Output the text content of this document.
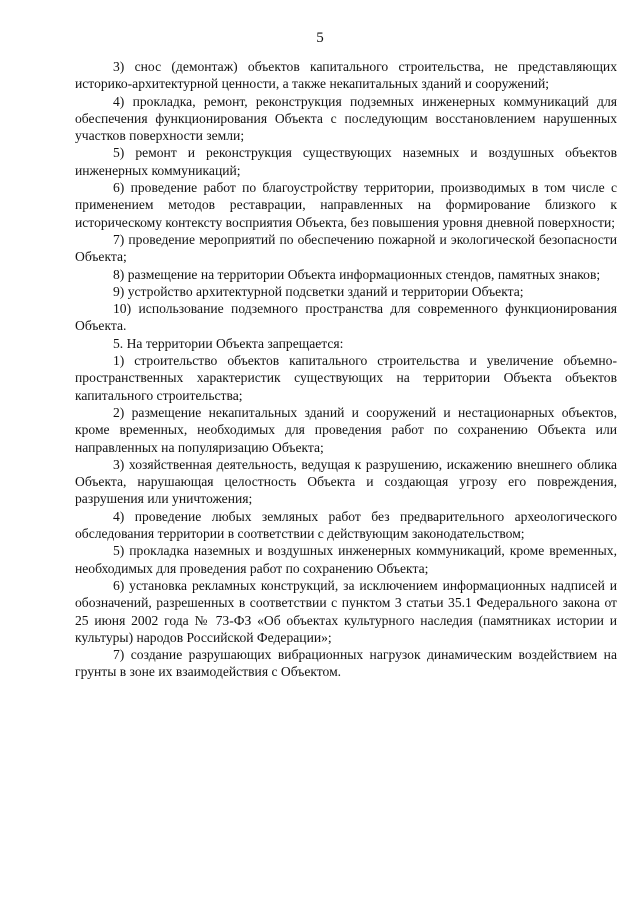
5

3) снос (демонтаж) объектов капитального строительства, не представляющих историко-архитектурной ценности, а также некапитальных зданий и сооружений;

4) прокладка, ремонт, реконструкция подземных инженерных коммуникаций для обеспечения функционирования Объекта с последующим восстановлением нарушенных участков поверхности земли;

5) ремонт и реконструкция существующих наземных и воздушных объектов инженерных коммуникаций;

6) проведение работ по благоустройству территории, производимых в том числе с применением методов реставрации, направленных на формирование близкого к историческому контексту восприятия Объекта, без повышения уровня дневной поверхности;

7) проведение мероприятий по обеспечению пожарной и экологической безопасности Объекта;

8) размещение на территории Объекта информационных стендов, памятных знаков;

9) устройство архитектурной подсветки зданий и территории Объекта;

10) использование подземного пространства для современного функционирования Объекта.

5. На территории Объекта запрещается:

1) строительство объектов капитального строительства и увеличение объемно-пространственных характеристик существующих на территории Объекта объектов капитального строительства;

2) размещение некапитальных зданий и сооружений и нестационарных объектов, кроме временных, необходимых для проведения работ по сохранению Объекта или направленных на популяризацию Объекта;

3) хозяйственная деятельность, ведущая к разрушению, искажению внешнего облика Объекта, нарушающая целостность Объекта и создающая угрозу его повреждения, разрушения или уничтожения;

4) проведение любых земляных работ без предварительного археологического обследования территории в соответствии с действующим законодательством;

5) прокладка наземных и воздушных инженерных коммуникаций, кроме временных, необходимых для проведения работ по сохранению Объекта;

6) установка рекламных конструкций, за исключением информационных надписей и обозначений, разрешенных в соответствии с пунктом 3 статьи 35.1 Федерального закона от 25 июня 2002 года № 73-ФЗ «Об объектах культурного наследия (памятниках истории и культуры) народов Российской Федерации»;

7) создание разрушающих вибрационных нагрузок динамическим воздействием на грунты в зоне их взаимодействия с Объектом.
